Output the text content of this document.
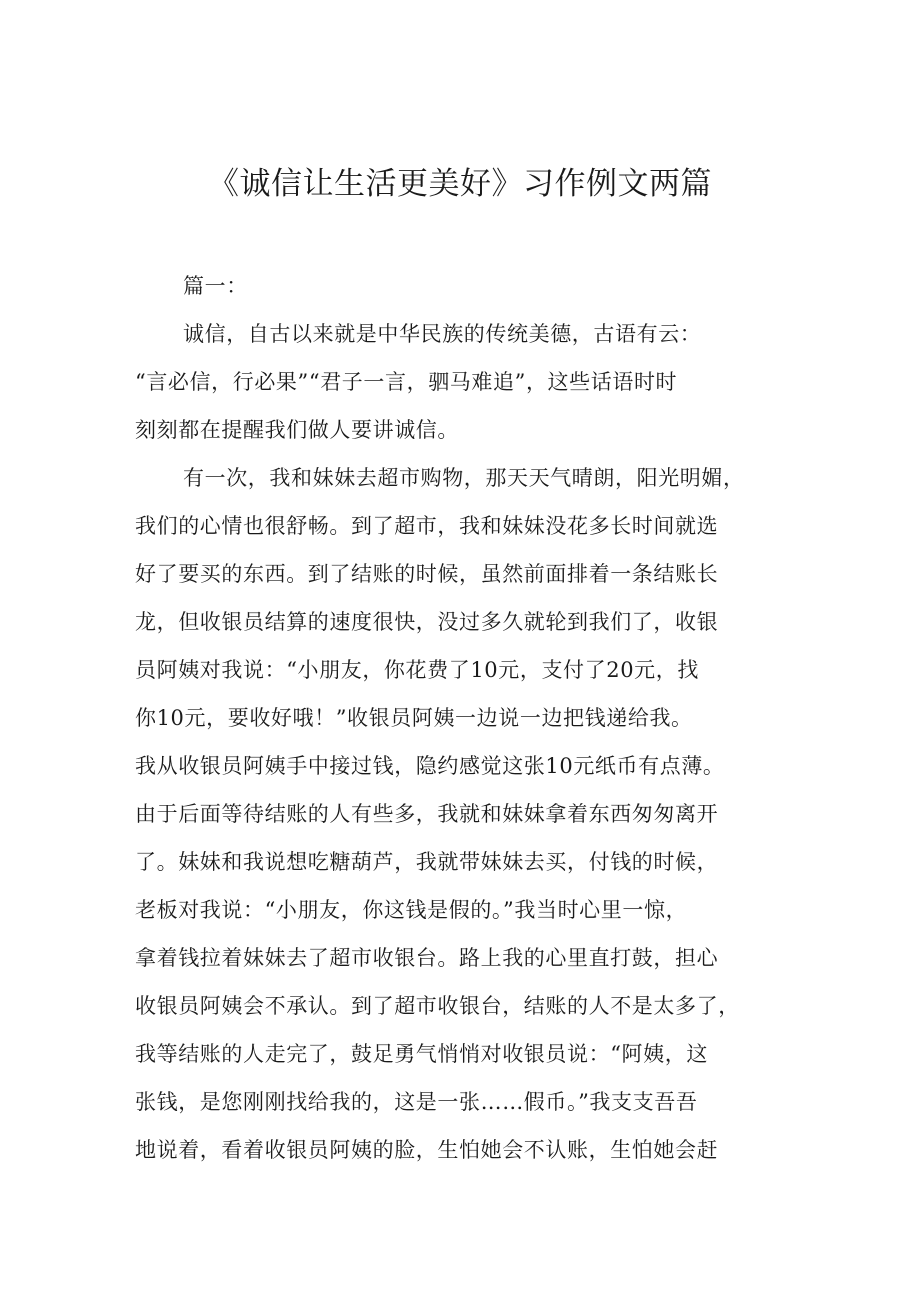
《诚信让生活更美好》习作例文两篇
篇一：
诚信，自古以来就是中华民族的传统美德，古语有云：
“言必信，行必果”“君子一言，驷马难追”，这些话语时时
刻刻都在提醒我们做人要讲诚信。
有一次，我和妹妹去超市购物，那天天气晴朗，阳光明媚，
我们的心情也很舒畅。到了超市，我和妹妹没花多长时间就选
好了要买的东西。到了结账的时候，虽然前面排着一条结账长
龙，但收银员结算的速度很快，没过多久就轮到我们了，收银
员阿姨对我说：“小朋友，你花费了10元，支付了20元，找
你10元，要收好哦！”收银员阿姨一边说一边把钱递给我。
我从收银员阿姨手中接过钱，隐约感觉这张10元纸币有点薄。
由于后面等待结账的人有些多，我就和妹妹拿着东西匆匆离开
了。妹妹和我说想吃糖葫芦，我就带妹妹去买，付钱的时候，
老板对我说：“小朋友，你这钱是假的。”我当时心里一惊，
拿着钱拉着妹妹去了超市收银台。路上我的心里直打鼓，担心
收银员阿姨会不承认。到了超市收银台，结账的人不是太多了，
我等结账的人走完了，鼓足勇气悄悄对收银员说：“阿姨，这
张钱，是您刚刚找给我的，这是一张……假币。”我支支吾吾
地说着，看着收银员阿姨的脸，生怕她会不认账，生怕她会赶
